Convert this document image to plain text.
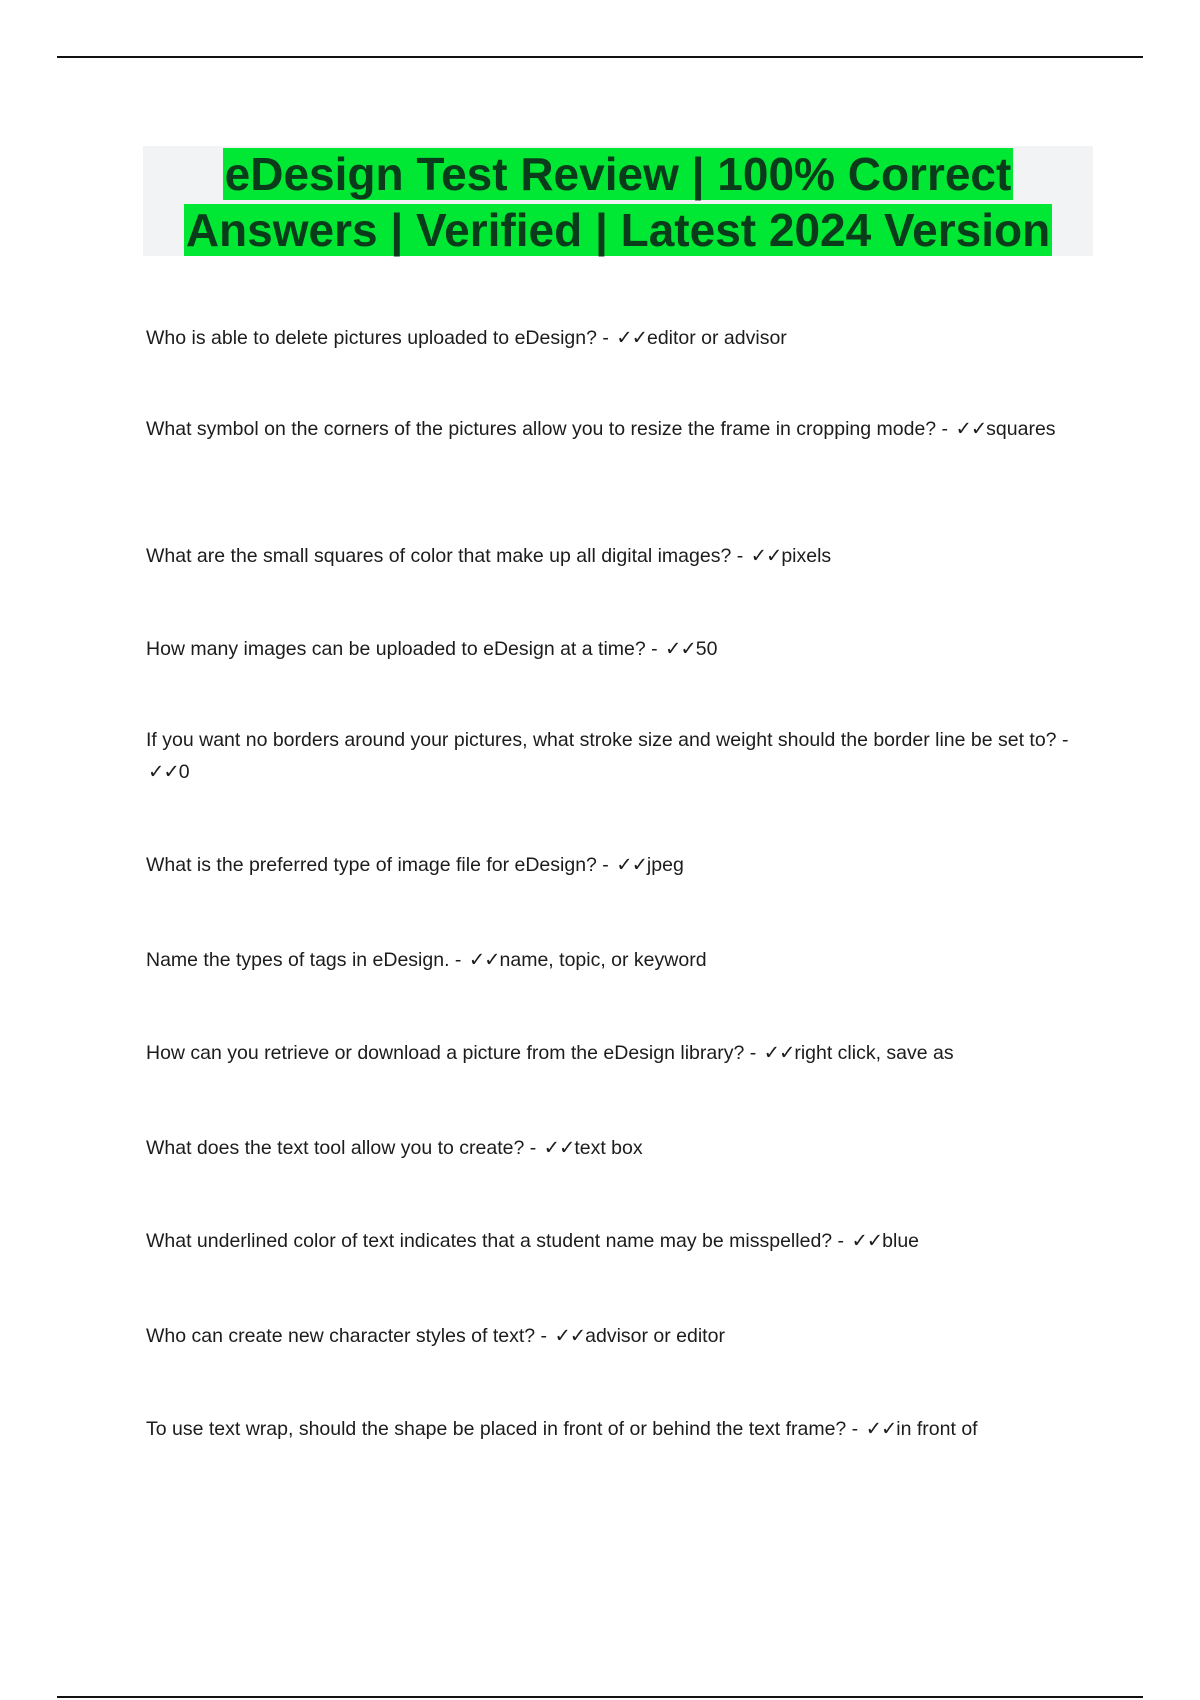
eDesign Test Review | 100% Correct
Answers | Verified | Latest 2024 Version

Who is able to delete pictures uploaded to eDesign? - ✓✓editor or advisor

What symbol on the corners of the pictures allow you to resize the frame in cropping mode? - ✓✓squares

What are the small squares of color that make up all digital images? - ✓✓pixels

How many images can be uploaded to eDesign at a time? - ✓✓50

If you want no borders around your pictures, what stroke size and weight should the border line be set to? - ✓✓0

What is the preferred type of image file for eDesign? - ✓✓jpeg

Name the types of tags in eDesign. - ✓✓name, topic, or keyword

How can you retrieve or download a picture from the eDesign library? - ✓✓right click, save as

What does the text tool allow you to create? - ✓✓text box

What underlined color of text indicates that a student name may be misspelled? - ✓✓blue

Who can create new character styles of text? - ✓✓advisor or editor

To use text wrap, should the shape be placed in front of or behind the text frame? - ✓✓in front of
